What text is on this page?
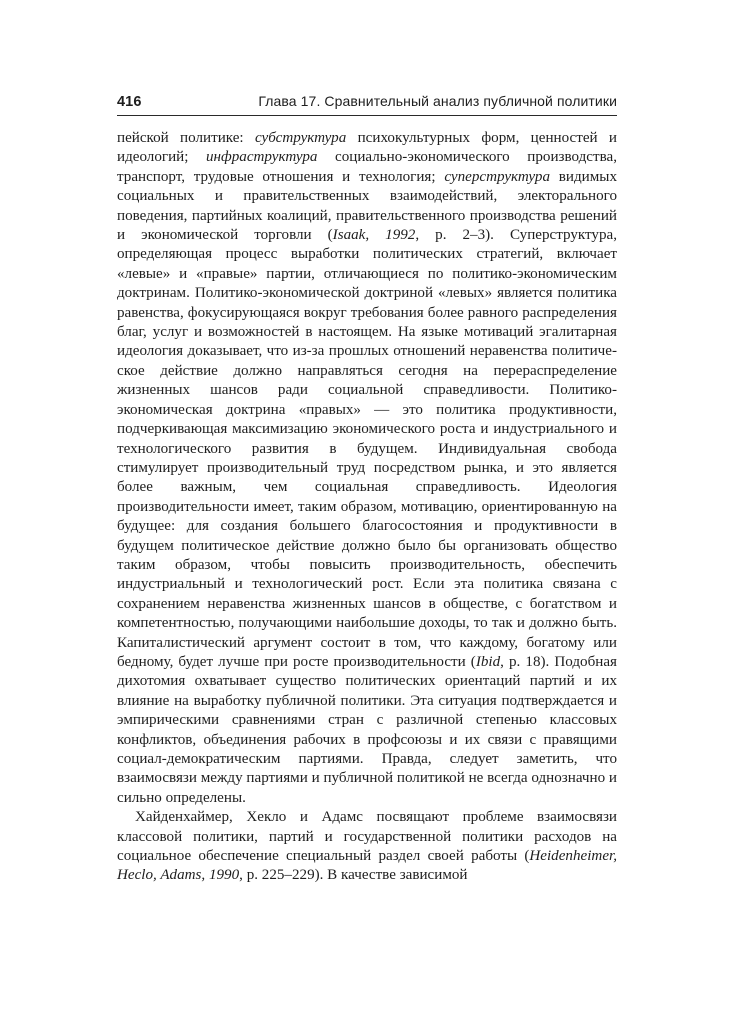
416	Глава 17. Сравнительный анализ публичной политики

пейской политике: субструктура психокультурных форм, ценностей и идеологий; инфраструктура социально-экономического производства, транспорт, трудовые отношения и технология; суперструктура видимых социальных и правительственных взаимодействий, электорального поведения, партийных коалиций, правительственного производства решений и экономической торговли (Isaak, 1992, p. 2–3). Суперструктура, определяющая процесс выработки политических стратегий, включает «левые» и «правые» партии, отличающиеся по политико-экономическим доктринам. Политико-экономической доктриной «левых» является политика равенства, фокусирующаяся вокруг требования более равного распределения благ, услуг и возможностей в настоящем. На языке мотиваций эгалитарная идеология доказывает, что из-за прошлых отношений неравенства политическое действие должно направляться сегодня на перераспределение жизненных шансов ради социальной справедливости. Политико-экономическая доктрина «правых» — это политика продуктивности, подчеркивающая максимизацию экономического роста и индустриального и технологического развития в будущем. Индивидуальная свобода стимулирует производительный труд посредством рынка, и это является более важным, чем социальная справедливость. Идеология производительности имеет, таким образом, мотивацию, ориентированную на будущее: для создания большего благосостояния и продуктивности в будущем политическое действие должно было бы организовать общество таким образом, чтобы повысить производительность, обеспечить индустриальный и технологический рост. Если эта политика связана с сохранением неравенства жизненных шансов в обществе, с богатством и компетентностью, получающими наибольшие доходы, то так и должно быть. Капиталистический аргумент состоит в том, что каждому, богатому или бедному, будет лучше при росте производительности (Ibid, p. 18). Подобная дихотомия охватывает существо политических ориентаций партий и их влияние на выработку публичной политики. Эта ситуация подтверждается и эмпирическими сравнениями стран с различной степенью классовых конфликтов, объединения рабочих в профсоюзы и их связи с правящими социал-демократическим партиями. Правда, следует заметить, что взаимосвязи между партиями и публичной политикой не всегда однозначно и сильно определены.

Хайденхаймер, Хекло и Адамс посвящают проблеме взаимосвязи классовой политики, партий и государственной политики расходов на социальное обеспечение специальный раздел своей работы (Heidenheimer, Heclo, Adams, 1990, p. 225–229). В качестве зависимой
